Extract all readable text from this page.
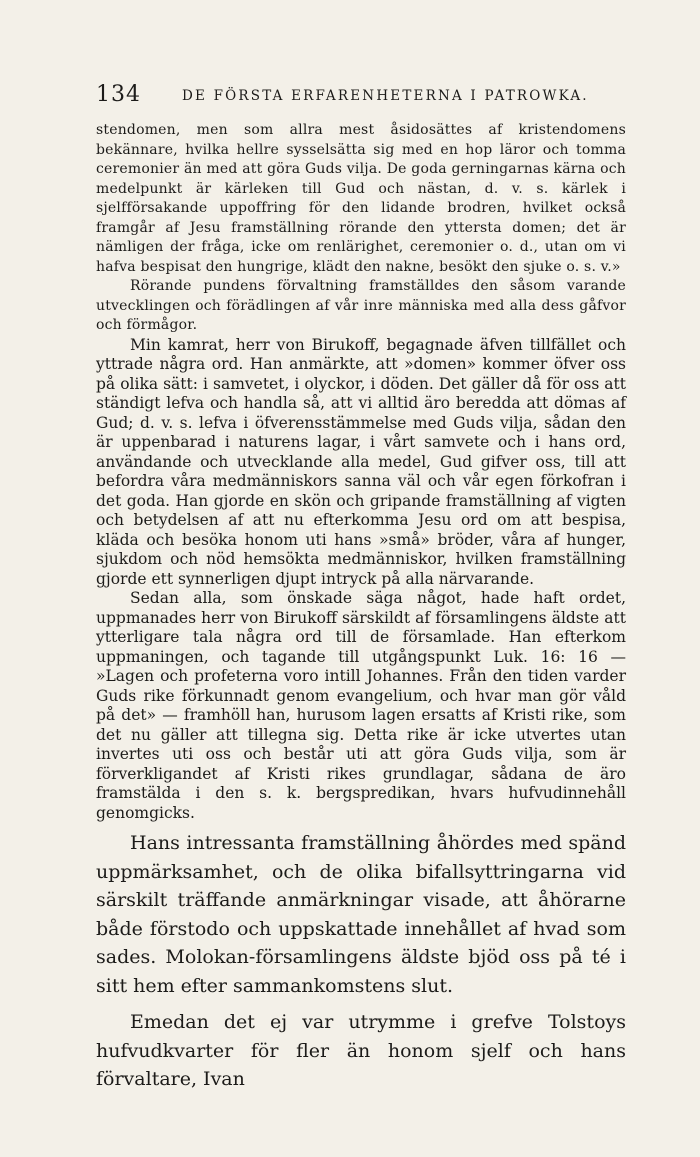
134	DE FÖRSTA ERFARENHETERNA I PATROWKA.

stendomen, men som allra mest åsidosättes af kristendomens bekännare, hvilka hellre sysselsätta sig med en hop läror och tomma ceremonier än med att göra Guds vilja. De goda gerningarnas kärna och medelpunkt är kärleken till Gud och nästan, d. v. s. kärlek i sjelfförsakande uppoffring för den lidande brodren, hvilket också framgår af Jesu framställning rörande den yttersta domen; det är nämligen der fråga, icke om renlärighet, ceremonier o. d., utan om vi hafva bespisat den hungrige, klädt den nakne, besökt den sjuke o. s. v.»

Rörande pundens förvaltning framställdes den såsom varande utvecklingen och förädlingen af vår inre människa med alla dess gåfvor och förmågor.

Min kamrat, herr von Birukoff, begagnade äfven tillfället och yttrade några ord. Han anmärkte, att »domen» kommer öfver oss på olika sätt: i samvetet, i olyckor, i döden. Det gäller då för oss att ständigt lefva och handla så, att vi alltid äro beredda att dömas af Gud; d. v. s. lefva i öfverensstämmelse med Guds vilja, sådan den är uppenbarad i naturens lagar, i vårt samvete och i hans ord, användande och utvecklande alla medel, Gud gifver oss, till att befordra våra medmänniskors sanna väl och vår egen förkofran i det goda. Han gjorde en skön och gripande framställning af vigten och betydelsen af att nu efterkomma Jesu ord om att bespisa, kläda och besöka honom uti hans »små» bröder, våra af hunger, sjukdom och nöd hemsökta medmänniskor, hvilken framställning gjorde ett synnerligen djupt intryck på alla närvarande.

Sedan alla, som önskade säga något, hade haft ordet, uppmanades herr von Birukoff särskildt af församlingens äldste att ytterligare tala några ord till de församlade. Han efterkom uppmaningen, och tagande till utgångspunkt Luk. 16: 16 — »Lagen och profeterna voro intill Johannes. Från den tiden varder Guds rike förkunnadt genom evangelium, och hvar man gör våld på det» — framhöll han, hurusom lagen ersatts af Kristi rike, som det nu gäller att tillegna sig. Detta rike är icke utvertes utan invertes uti oss och består uti att göra Guds vilja, som är förverkligandet af Kristi rikes grundlagar, sådana de äro framstälda i den s. k. bergspredikan, hvars hufvudinnehåll genomgicks.

Hans intressanta framställning åhördes med spänd uppmärksamhet, och de olika bifallsyttringarna vid särskilt träffande anmärkningar visade, att åhörarne både förstodo och uppskattade innehållet af hvad som sades. Molokan-församlingens äldste bjöd oss på té i sitt hem efter sammankomstens slut.

Emedan det ej var utrymme i grefve Tolstoys hufvudkvarter för fler än honom sjelf och hans förvaltare, Ivan
